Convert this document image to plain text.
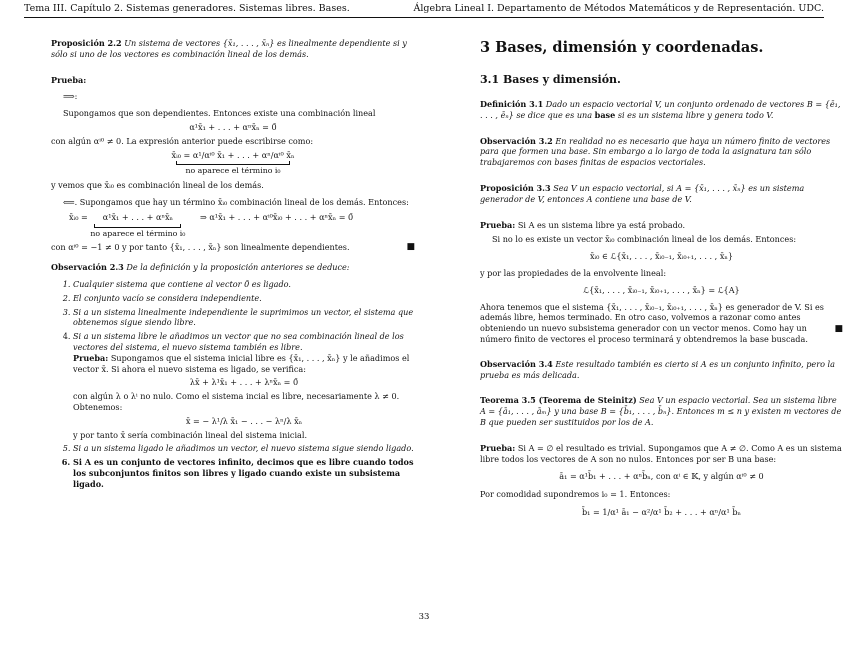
Tema III. Capítulo 2. Sistemas generadores. Sistemas libres. Bases.	Álgebra Lineal I. Departamento de Métodos Matemáticos y de Representación. UDC.
Proposición 2.2 Un sistema de vectores {x̄₁, . . . , x̄ₙ} es linealmente dependiente si y sólo si uno de los vectores es combinación lineal de los demás.
Prueba:
⟹:
Supongamos que son dependientes. Entonces existe una combinación lineal
α¹x̄₁ + . . . + αⁿx̄ₙ = 0̄
con algún αⁱ⁰ ≠ 0. La expresión anterior puede escribirse como:
x̄ᵢ₀ = α¹/αⁱ⁰ x̄₁ + . . . + αⁿ/αⁱ⁰ x̄ₙ
no aparece el término i₀
y vemos que x̄ᵢ₀ es combinación lineal de los demás.
⟸. Supongamos que hay un término x̄ᵢ₀ combinación lineal de los demás. Entonces:
x̄ᵢ₀ = α¹x̄₁ + . . . + αⁿx̄ₙ
no aparece el término i₀
⇒ α¹x̄₁ + . . . + αⁱ⁰x̄ᵢ₀ + . . . + αⁿx̄ₙ = 0̄
■
con αⁱ⁰ = −1 ≠ 0 y por tanto {x̄₁, . . . , x̄ₙ} son linealmente dependientes.
Observación 2.3 De la definición y la proposición anteriores se deduce:
1. Cualquier sistema que contiene al vector 0̄ es ligado.
2. El conjunto vacío se considera independiente.
3. Si a un sistema linealmente independiente le suprimimos un vector, el sistema que obtenemos sigue siendo libre.
4. Si a un sistema libre le añadimos un vector que no sea combinación lineal de los vectores del sistema, el nuevo sistema también es libre.
Prueba: Supongamos que el sistema inicial libre es {x̄₁, . . . , x̄ₙ} y le añadimos el vector x̄. Si ahora el nuevo sistema es ligado, se verifica:
λx̄ + λ¹x̄₁ + . . . + λⁿx̄ₙ = 0̄
con algún λ o λⁱ no nulo. Como el sistema incial es libre, necesariamente λ ≠ 0. Obtenemos:
x̄ = − λ¹/λ x̄₁ − . . . − λⁿ/λ x̄ₙ
y por tanto x̄ sería combinación lineal del sistema inicial.
5. Si a un sistema ligado le añadimos un vector, el nuevo sistema sigue siendo ligado.
6. Si A es un conjunto de vectores infinito, decimos que es libre cuando todos los subconjuntos finitos son libres y ligado cuando existe un subsistema ligado.
3 Bases, dimensión y coordenadas.
3.1 Bases y dimensión.
Definición 3.1 Dado un espacio vectorial V, un conjunto ordenado de vectores B = {ē₁, . . . , ēₙ} se dice que es una base si es un sistema libre y genera todo V.
Observación 3.2 En realidad no es necesario que haya un número finito de vectores para que formen una base. Sin embargo a lo largo de toda la asignatura tan sólo trabajaremos con bases finitas de espacios vectoriales.
Proposición 3.3 Sea V un espacio vectorial, si A = {x̄₁, . . . , x̄ₙ} es un sistema generador de V, entonces A contiene una base de V.
Prueba: Si A es un sistema libre ya está probado.
Si no lo es existe un vector x̄ᵢ₀ combinación lineal de los demás. Entonces:
x̄ᵢ₀ ∈ ℒ{x̄₁, . . . , x̄ᵢ₀₋₁, x̄ᵢ₀₊₁, . . . , x̄ₙ}
y por las propiedades de la envolvente lineal:
ℒ{x̄₁, . . . , x̄ᵢ₀₋₁, x̄ᵢ₀₊₁, . . . , x̄ₙ} = ℒ{A}
■
Ahora tenemos que el sistema {x̄₁, . . . , x̄ᵢ₀₋₁, x̄ᵢ₀₊₁, . . . , x̄ₙ} es generador de V. Si es además libre, hemos terminado. En otro caso, volvemos a razonar como antes obteniendo un nuevo subsistema generador con un vector menos. Como hay un número finito de vectores el proceso terminará y obtendremos la base buscada.
Observación 3.4 Este resultado también es cierto si A es un conjunto infinito, pero la prueba es más delicada.
Teorema 3.5 (Teorema de Steinitz) Sea V un espacio vectorial. Sea un sistema libre A = {ā₁, . . . , āₘ} y una base B = {b̄₁, . . . , b̄ₙ}. Entonces m ≤ n y existen m vectores de B que pueden ser sustituidos por los de A.
Prueba: Si A = ∅ el resultado es trivial. Supongamos que A ≠ ∅. Como A es un sistema libre todos los vectores de A son no nulos. Entonces por ser B una base:
ā₁ = α¹b̄₁ + . . . + αⁿb̄ₙ, con αⁱ ∈ 𝕂, y algún αⁱ⁰ ≠ 0
Por comodidad supondremos i₀ = 1. Entonces:
b̄₁ = 1/α¹ ā₁ − α²/α¹ b̄₂ + . . . + αⁿ/α¹ b̄ₙ
33
